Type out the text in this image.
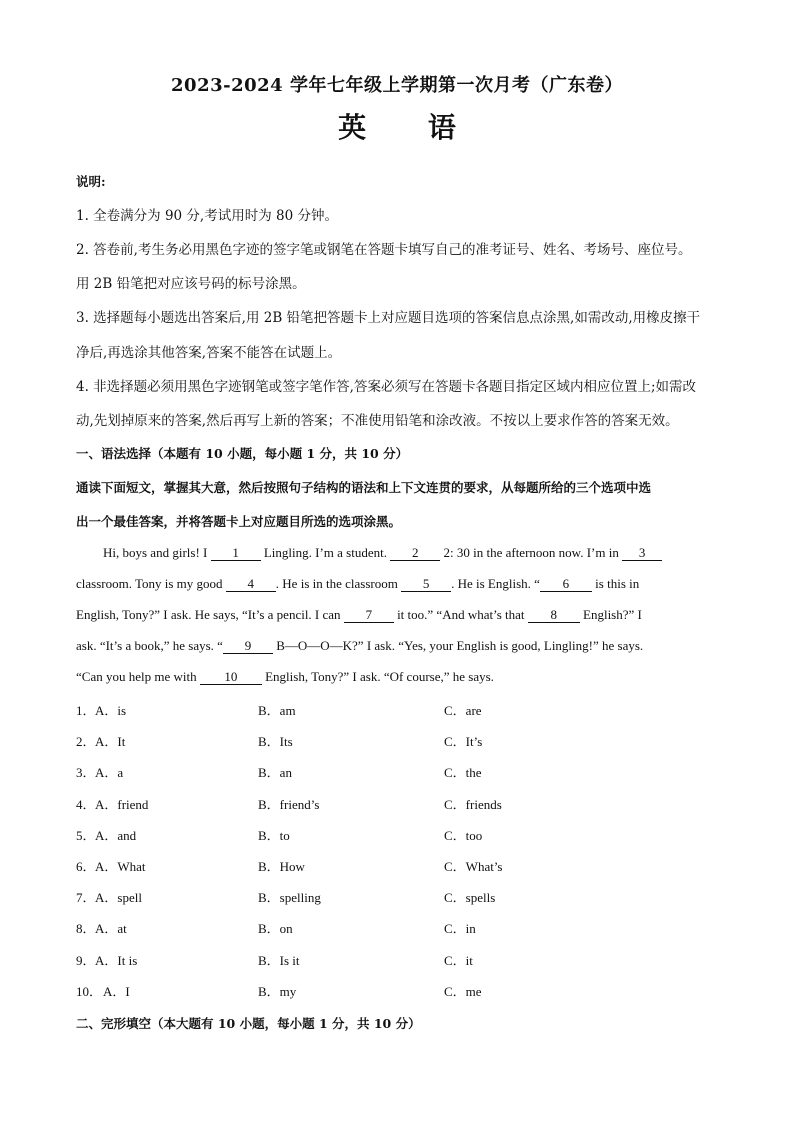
2023-2024 学年七年级上学期第一次月考（广东卷）
英 语
说明:
1. 全卷满分为 90 分,考试用时为 80 分钟。
2. 答卷前,考生务必用黑色字迹的签字笔或钢笔在答题卡填写自己的准考证号、姓名、考场号、座位号。
用 2B 铅笔把对应该号码的标号涂黑。
3. 选择题每小题选出答案后,用 2B 铅笔把答题卡上对应题目选项的答案信息点涂黑,如需改动,用橡皮擦干
净后,再选涂其他答案,答案不能答在试题上。
4. 非选择题必须用黑色字迹钢笔或签字笔作答,答案必须写在答题卡各题目指定区域内相应位置上;如需改
动,先划掉原来的答案,然后再写上新的答案；不准使用铅笔和涂改液。不按以上要求作答的答案无效。
一、语法选择（本题有 10 小题，每小题 1 分，共 10 分）
通读下面短文，掌握其大意，然后按照句子结构的语法和上下文连贯的要求，从每题所给的三个选项中选
出一个最佳答案，并将答题卡上对应题目所选的选项涂黑。
Hi, boys and girls! I 1 Lingling. I’m a student. 2 2: 30 in the afternoon now. I’m in 3
classroom. Tony is my good 4 . He is in the classroom 5 . He is English. “ 6 is this in
English, Tony?” I ask. He says, “It’s a pencil. I can 7 it too.” “And what’s that 8 English?” I
ask. “It’s a book,” he says. “ 9 B—O—O—K?” I ask. “Yes, your English is good, Lingling!” he says.
“Can you help me with 10 English, Tony?” I ask. “Of course,” he says.
1． A．is	B．am	C．are
2． A．It	B．Its	C．It’s
3． A．a	B．an	C．the
4． A．friend	B．friend’s	C．friends
5． A．and	B．to	C．too
6． A．What	B．How	C．What’s
7． A．spell	B．spelling	C．spells
8． A．at	B．on	C．in
9． A．It is	B．Is it	C．it
10． A．I	B．my	C．me
二、完形填空（本大题有 10 小题，每小题 1 分，共 10 分）
